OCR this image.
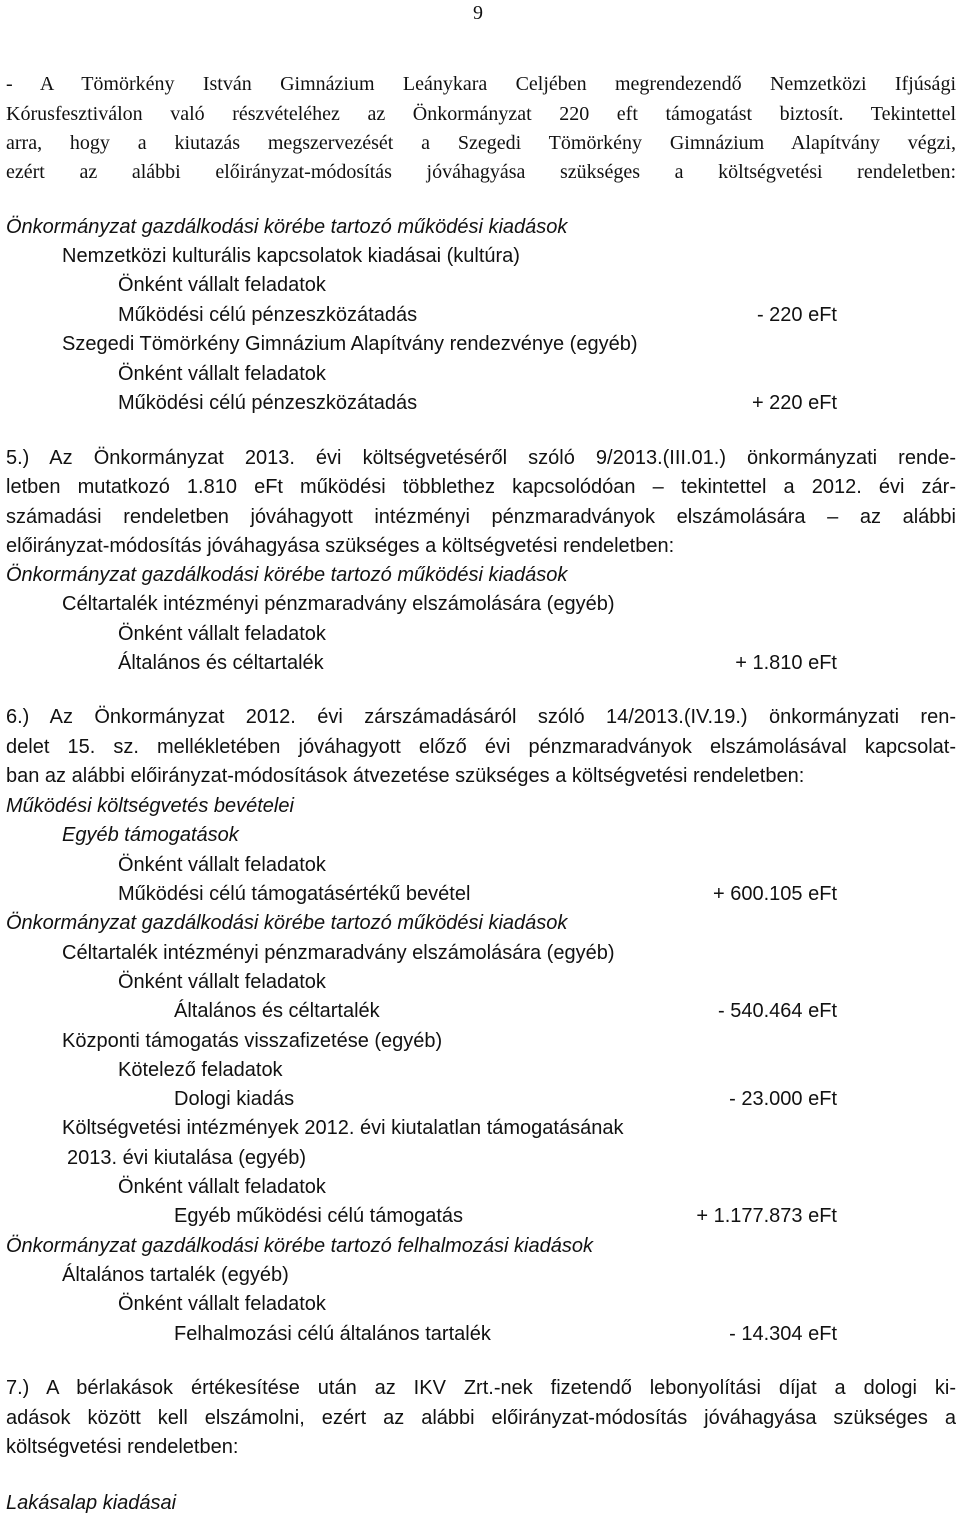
9
- A Tömörkény István Gimnázium Leánykara Celjében megrendezendő Nemzetközi Ifjúsági
Kórusfesztiválon való részvételéhez az Önkormányzat 220 eft támogatást biztosít. Tekintettel
arra, hogy a kiutazás megszervezését a Szegedi Tömörkény Gimnázium Alapítvány végzi,
ezért az alábbi előirányzat-módosítás jóváhagyása szükséges a költségvetési rendeletben:
Önkormányzat gazdálkodási körébe tartozó működési kiadások
Nemzetközi kulturális kapcsolatok kiadásai (kultúra)
Önként vállalt feladatok
Működési célú pénzeszközátadás	- 220 eFt
Szegedi Tömörkény Gimnázium Alapítvány rendezvénye (egyéb)
Önként vállalt feladatok
Működési célú pénzeszközátadás	+ 220 eFt
5.) Az Önkormányzat 2013. évi költségvetéséről szóló 9/2013.(III.01.) önkormányzati rende-
letben mutatkozó 1.810 eFt működési többlethez kapcsolódóan – tekintettel a 2012. évi zár-
számadási rendeletben jóváhagyott intézményi pénzmaradványok elszámolására – az alábbi
előirányzat-módosítás jóváhagyása szükséges a költségvetési rendeletben:
Önkormányzat gazdálkodási körébe tartozó működési kiadások
Céltartalék intézményi pénzmaradvány elszámolására (egyéb)
Önként vállalt feladatok
Általános és céltartalék	+ 1.810 eFt
6.) Az Önkormányzat 2012. évi zárszámadásáról szóló 14/2013.(IV.19.) önkormányzati ren-
delet 15. sz. mellékletében jóváhagyott előző évi pénzmaradványok elszámolásával kapcsolat-
ban az alábbi előirányzat-módosítások átvezetése szükséges a költségvetési rendeletben:
Működési költségvetés bevételei
Egyéb támogatások
Önként vállalt feladatok
Működési célú támogatásértékű bevétel	+ 600.105 eFt
Önkormányzat gazdálkodási körébe tartozó működési kiadások
Céltartalék intézményi pénzmaradvány elszámolására (egyéb)
Önként vállalt feladatok
Általános és céltartalék	- 540.464 eFt
Központi támogatás visszafizetése (egyéb)
Kötelező feladatok
Dologi kiadás	- 23.000 eFt
Költségvetési intézmények 2012. évi kiutalatlan támogatásának
2013. évi kiutalása (egyéb)
Önként vállalt feladatok
Egyéb működési célú támogatás	+ 1.177.873 eFt
Önkormányzat gazdálkodási körébe tartozó felhalmozási kiadások
Általános tartalék (egyéb)
Önként vállalt feladatok
Felhalmozási célú általános tartalék	- 14.304 eFt
7.) A bérlakások értékesítése után az IKV Zrt.-nek fizetendő lebonyolítási díjat a dologi ki-
adások között kell elszámolni, ezért az alábbi előirányzat-módosítás jóváhagyása szükséges a
költségvetési rendeletben:
Lakásalap kiadásai
